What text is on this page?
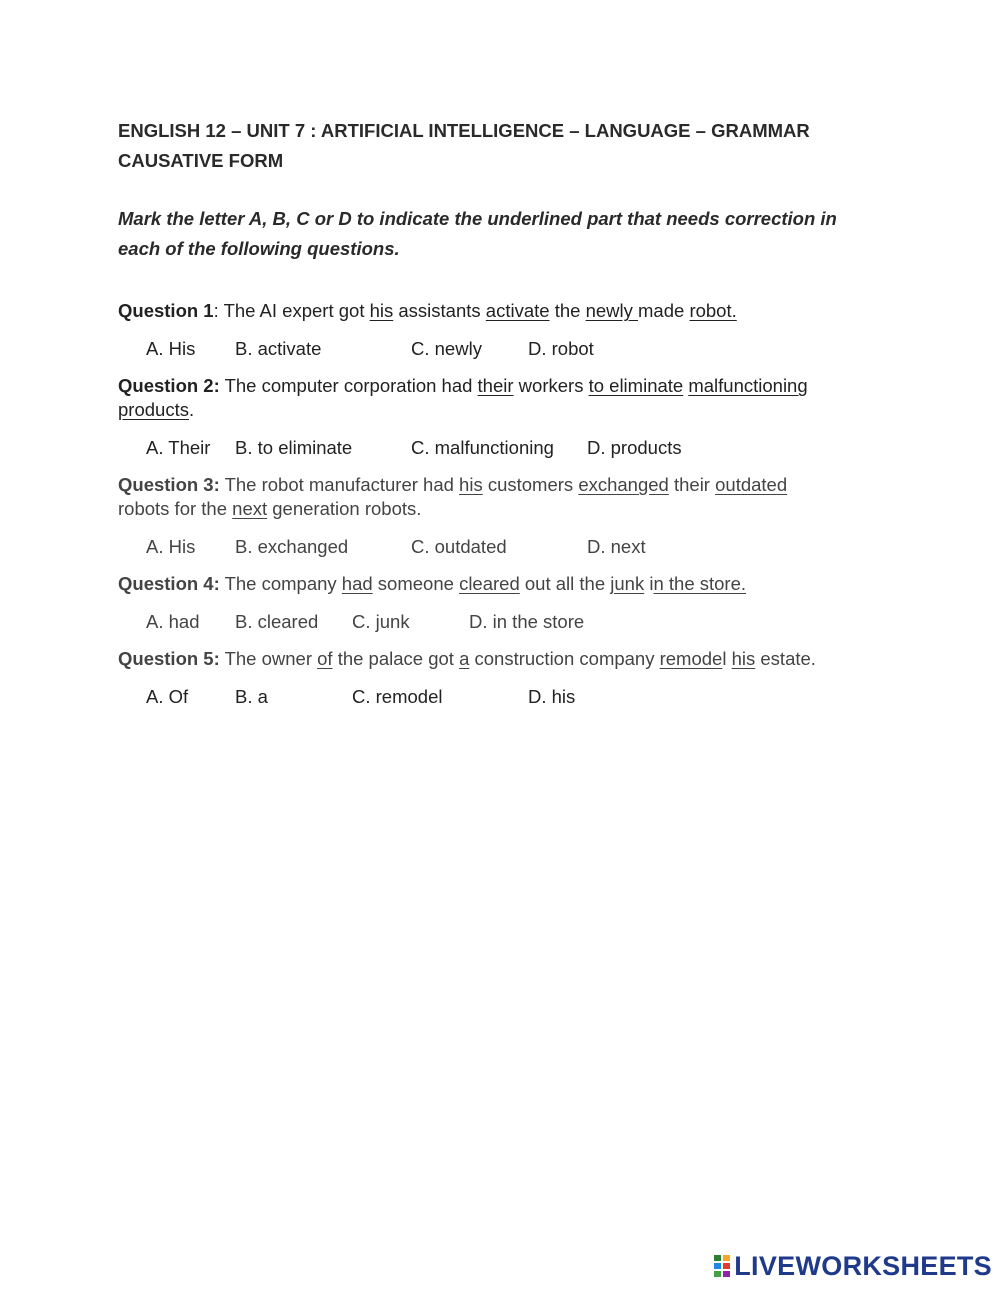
ENGLISH 12 – UNIT 7 : ARTIFICIAL INTELLIGENCE – LANGUAGE – GRAMMAR
CAUSATIVE FORM
Mark the letter A, B, C or D to indicate the underlined part that needs correction in
each of the following questions.
Question 1: The AI expert got his assistants activate the newly made robot.
A. His B. activate	C. newly D. robot
Question 2: The computer corporation had their workers to eliminate malfunctioning products.
A. Their B. to eliminate	C. malfunctioning D. products
Question 3: The robot manufacturer had his customers exchanged their outdated robots for the next generation robots.
A. His B. exchanged	C. outdated	D. next
Question 4: The company had someone cleared out all the junk in the store.
A. had B. cleared C. junk	D. in the store
Question 5: The owner of the palace got a construction company remodel his estate.
A. Of	B. a	C. remodel	D. his
LIVEWORKSHEETS
